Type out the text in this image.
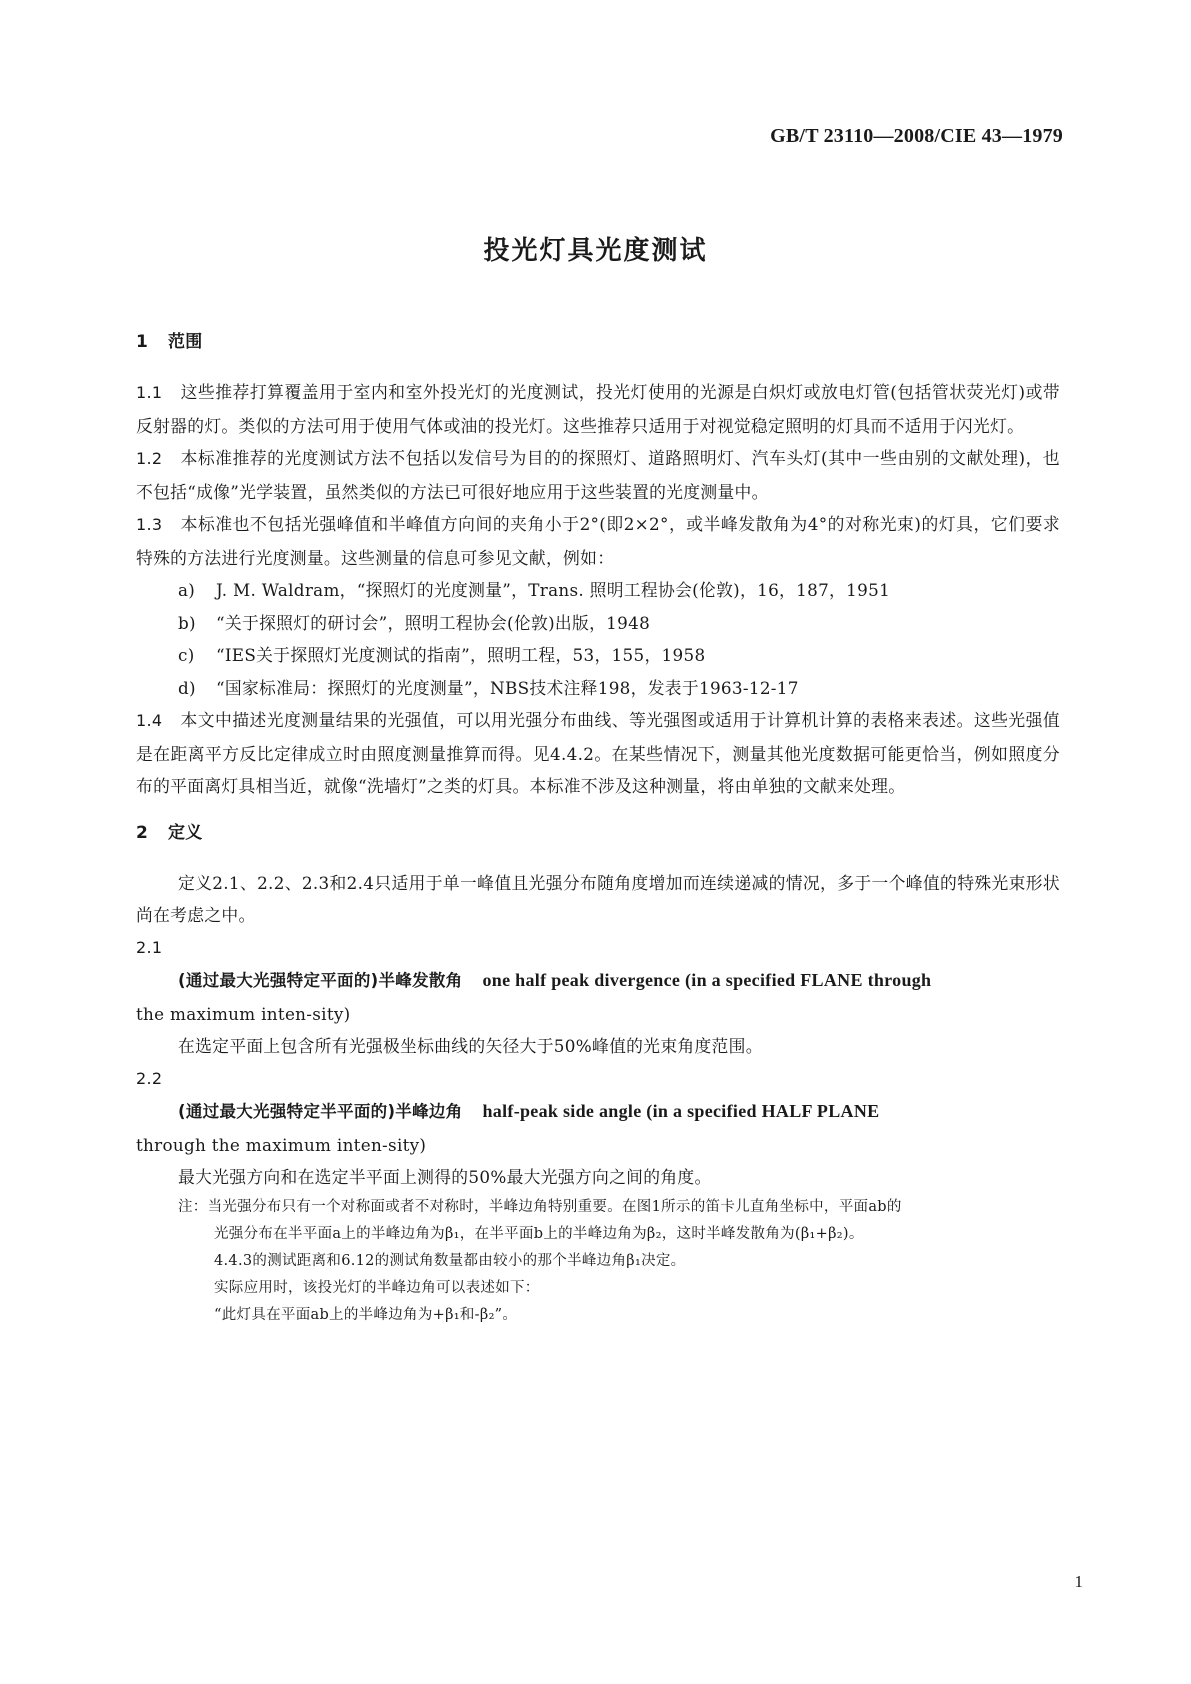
GB/T 23110—2008/CIE 43—1979
投光灯具光度测试
1 范围

1.1 这些推荐打算覆盖用于室内和室外投光灯的光度测试，投光灯使用的光源是白炽灯或放电灯管(包括管状荧光灯)或带反射器的灯。类似的方法可用于使用气体或油的投光灯。这些推荐只适用于对视觉稳定照明的灯具而不适用于闪光灯。

1.2 本标准推荐的光度测试方法不包括以发信号为目的的探照灯、道路照明灯、汽车头灯(其中一些由别的文献处理)，也不包括“成像”光学装置，虽然类似的方法已可很好地应用于这些装置的光度测量中。

1.3 本标准也不包括光强峰值和半峰值方向间的夹角小于2°(即2×2°，或半峰发散角为4°的对称光束)的灯具，它们要求特殊的方法进行光度测量。这些测量的信息可参见文献，例如：

a) J. M. Waldram，“探照灯的光度测量”，Trans. 照明工程协会(伦敦)，16，187，1951
b) “关于探照灯的研讨会”，照明工程协会(伦敦)出版，1948
c) “IES关于探照灯光度测试的指南”，照明工程，53，155，1958
d) “国家标准局：探照灯的光度测量”，NBS技术注释198，发表于1963-12-17

1.4 本文中描述光度测量结果的光强值，可以用光强分布曲线、等光强图或适用于计算机计算的表格来表述。这些光强值是在距离平方反比定律成立时由照度测量推算而得。见4.4.2。在某些情况下，测量其他光度数据可能更恰当，例如照度分布的平面离灯具相当近，就像“洗墙灯”之类的灯具。本标准不涉及这种测量，将由单独的文献来处理。

2 定义

定义2.1、2.2、2.3和2.4只适用于单一峰值且光强分布随角度增加而连续递减的情况，多于一个峰值的特殊光束形状尚在考虑之中。

2.1

(通过最大光强特定平面的)半峰发散角 one half peak divergence (in a specified FLANE through

the maximum inten-sity)

在选定平面上包含所有光强极坐标曲线的矢径大于50%峰值的光束角度范围。

2.2

(通过最大光强特定半平面的)半峰边角 half-peak side angle (in a specified HALF PLANE

through the maximum inten-sity)

最大光强方向和在选定半平面上测得的50%最大光强方向之间的角度。

注：当光强分布只有一个对称面或者不对称时，半峰边角特别重要。在图1所示的笛卡儿直角坐标中，平面ab的

光强分布在半平面a上的半峰边角为β₁，在半平面b上的半峰边角为β₂，这时半峰发散角为(β₁+β₂)。

4.4.3的测试距离和6.12的测试角数量都由较小的那个半峰边角β₁决定。

实际应用时，该投光灯的半峰边角可以表述如下：

“此灯具在平面ab上的半峰边角为+β₁和-β₂”。

1
